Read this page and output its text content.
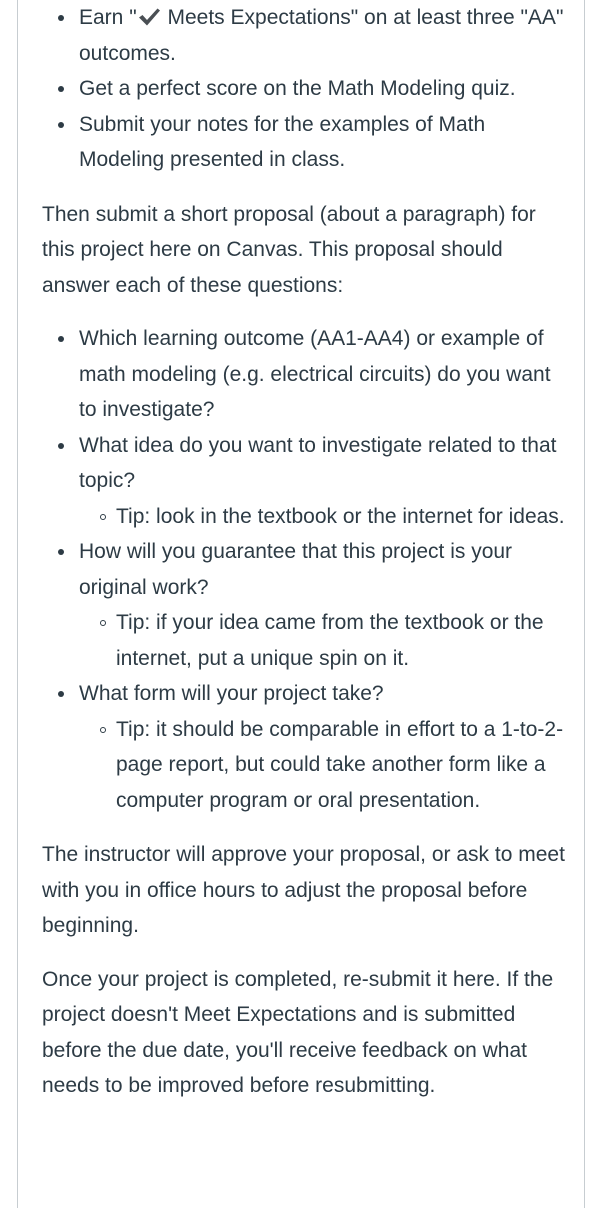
Earn " Meets Expectations" on at least three "AA" outcomes.
Get a perfect score on the Math Modeling quiz.
Submit your notes for the examples of Math Modeling presented in class.

Then submit a short proposal (about a paragraph) for this project here on Canvas. This proposal should answer each of these questions:

Which learning outcome (AA1-AA4) or example of math modeling (e.g. electrical circuits) do you want to investigate?
What idea do you want to investigate related to that topic?
Tip: look in the textbook or the internet for ideas.
How will you guarantee that this project is your original work?
Tip: if your idea came from the textbook or the internet, put a unique spin on it.
What form will your project take?
Tip: it should be comparable in effort to a 1-to-2-page report, but could take another form like a computer program or oral presentation.

The instructor will approve your proposal, or ask to meet with you in office hours to adjust the proposal before beginning.

Once your project is completed, re-submit it here. If the project doesn't Meet Expectations and is submitted before the due date, you'll receive feedback on what needs to be improved before resubmitting.
